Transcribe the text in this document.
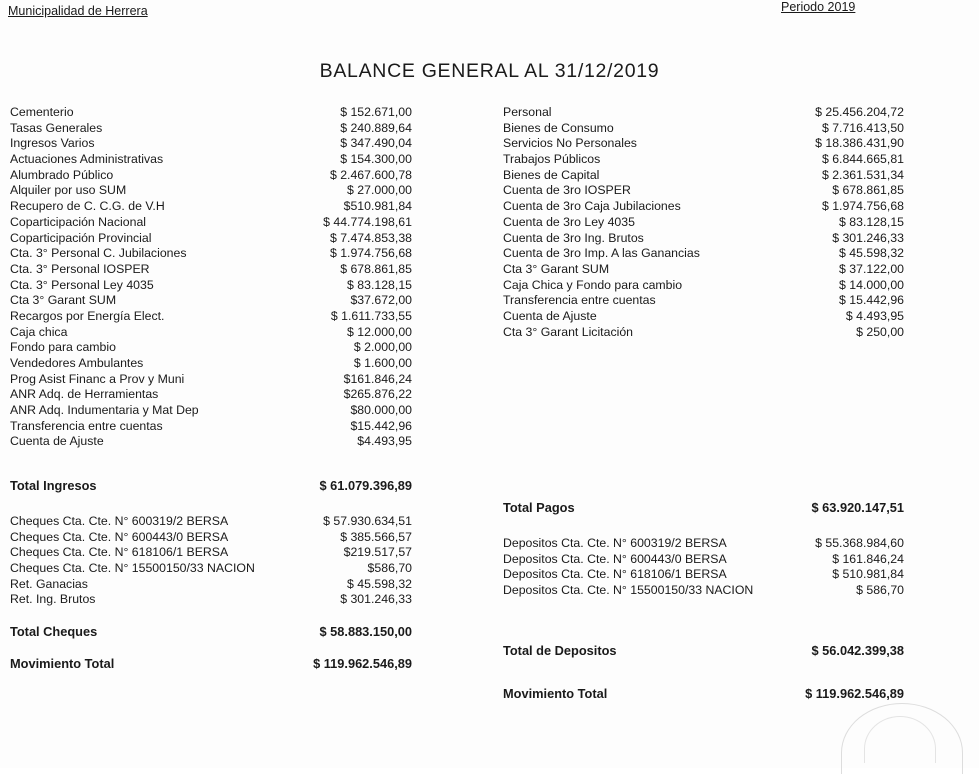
Municipalidad de Herrera	Periodo 2019
BALANCE GENERAL AL 31/12/2019
Cementerio	$ 152.671,00
Tasas Generales	$ 240.889,64
Ingresos Varios	$ 347.490,04
Actuaciones Administrativas	$ 154.300,00
Alumbrado Público	$ 2.467.600,78
Alquiler por uso SUM	$ 27.000,00
Recupero de C. C.G. de V.H	$510.981,84
Coparticipación Nacional	$ 44.774.198,61
Coparticipación Provincial	$ 7.474.853,38
Cta. 3° Personal C. Jubilaciones	$ 1.974.756,68
Cta. 3° Personal IOSPER	$ 678.861,85
Cta. 3° Personal Ley 4035	$ 83.128,15
Cta 3° Garant SUM	$37.672,00
Recargos por Energía Elect.	$ 1.611.733,55
Caja chica	$ 12.000,00
Fondo para cambio	$ 2.000,00
Vendedores Ambulantes	$ 1.600,00
Prog Asist Financ a Prov y Muni	$161.846,24
ANR Adq. de Herramientas	$265.876,22
ANR Adq. Indumentaria y Mat Dep	$80.000,00
Transferencia entre cuentas	$15.442,96
Cuenta de Ajuste	$4.493,95
Total Ingresos	$ 61.079.396,89
Cheques Cta. Cte. N° 600319/2 BERSA	$ 57.930.634,51
Cheques Cta. Cte. N° 600443/0 BERSA	$ 385.566,57
Cheques Cta. Cte. N° 618106/1 BERSA	$219.517,57
Cheques Cta. Cte. N° 15500150/33 NACION	$586,70
Ret. Ganacias	$ 45.598,32
Ret. Ing. Brutos	$ 301.246,33
Total Cheques	$ 58.883.150,00
Movimiento Total	$ 119.962.546,89
Personal	$ 25.456.204,72
Bienes de Consumo	$ 7.716.413,50
Servicios No Personales	$ 18.386.431,90
Trabajos Públicos	$ 6.844.665,81
Bienes de Capital	$ 2.361.531,34
Cuenta de 3ro IOSPER	$ 678.861,85
Cuenta de 3ro Caja Jubilaciones	$ 1.974.756,68
Cuenta de 3ro Ley 4035	$ 83.128,15
Cuenta de 3ro Ing. Brutos	$ 301.246,33
Cuenta de 3ro Imp. A las Ganancias	$ 45.598,32
Cta 3° Garant SUM	$ 37.122,00
Caja Chica y Fondo para cambio	$ 14.000,00
Transferencia entre cuentas	$ 15.442,96
Cuenta de Ajuste	$ 4.493,95
Cta 3° Garant Licitación	$ 250,00
Total Pagos	$ 63.920.147,51
Depositos Cta. Cte. N° 600319/2 BERSA	$ 55.368.984,60
Depositos Cta. Cte. N° 600443/0 BERSA	$ 161.846,24
Depositos Cta. Cte. N° 618106/1 BERSA	$ 510.981,84
Depositos Cta. Cte. N° 15500150/33 NACION	$ 586,70
Total de Depositos	$ 56.042.399,38
Movimiento Total	$ 119.962.546,89
